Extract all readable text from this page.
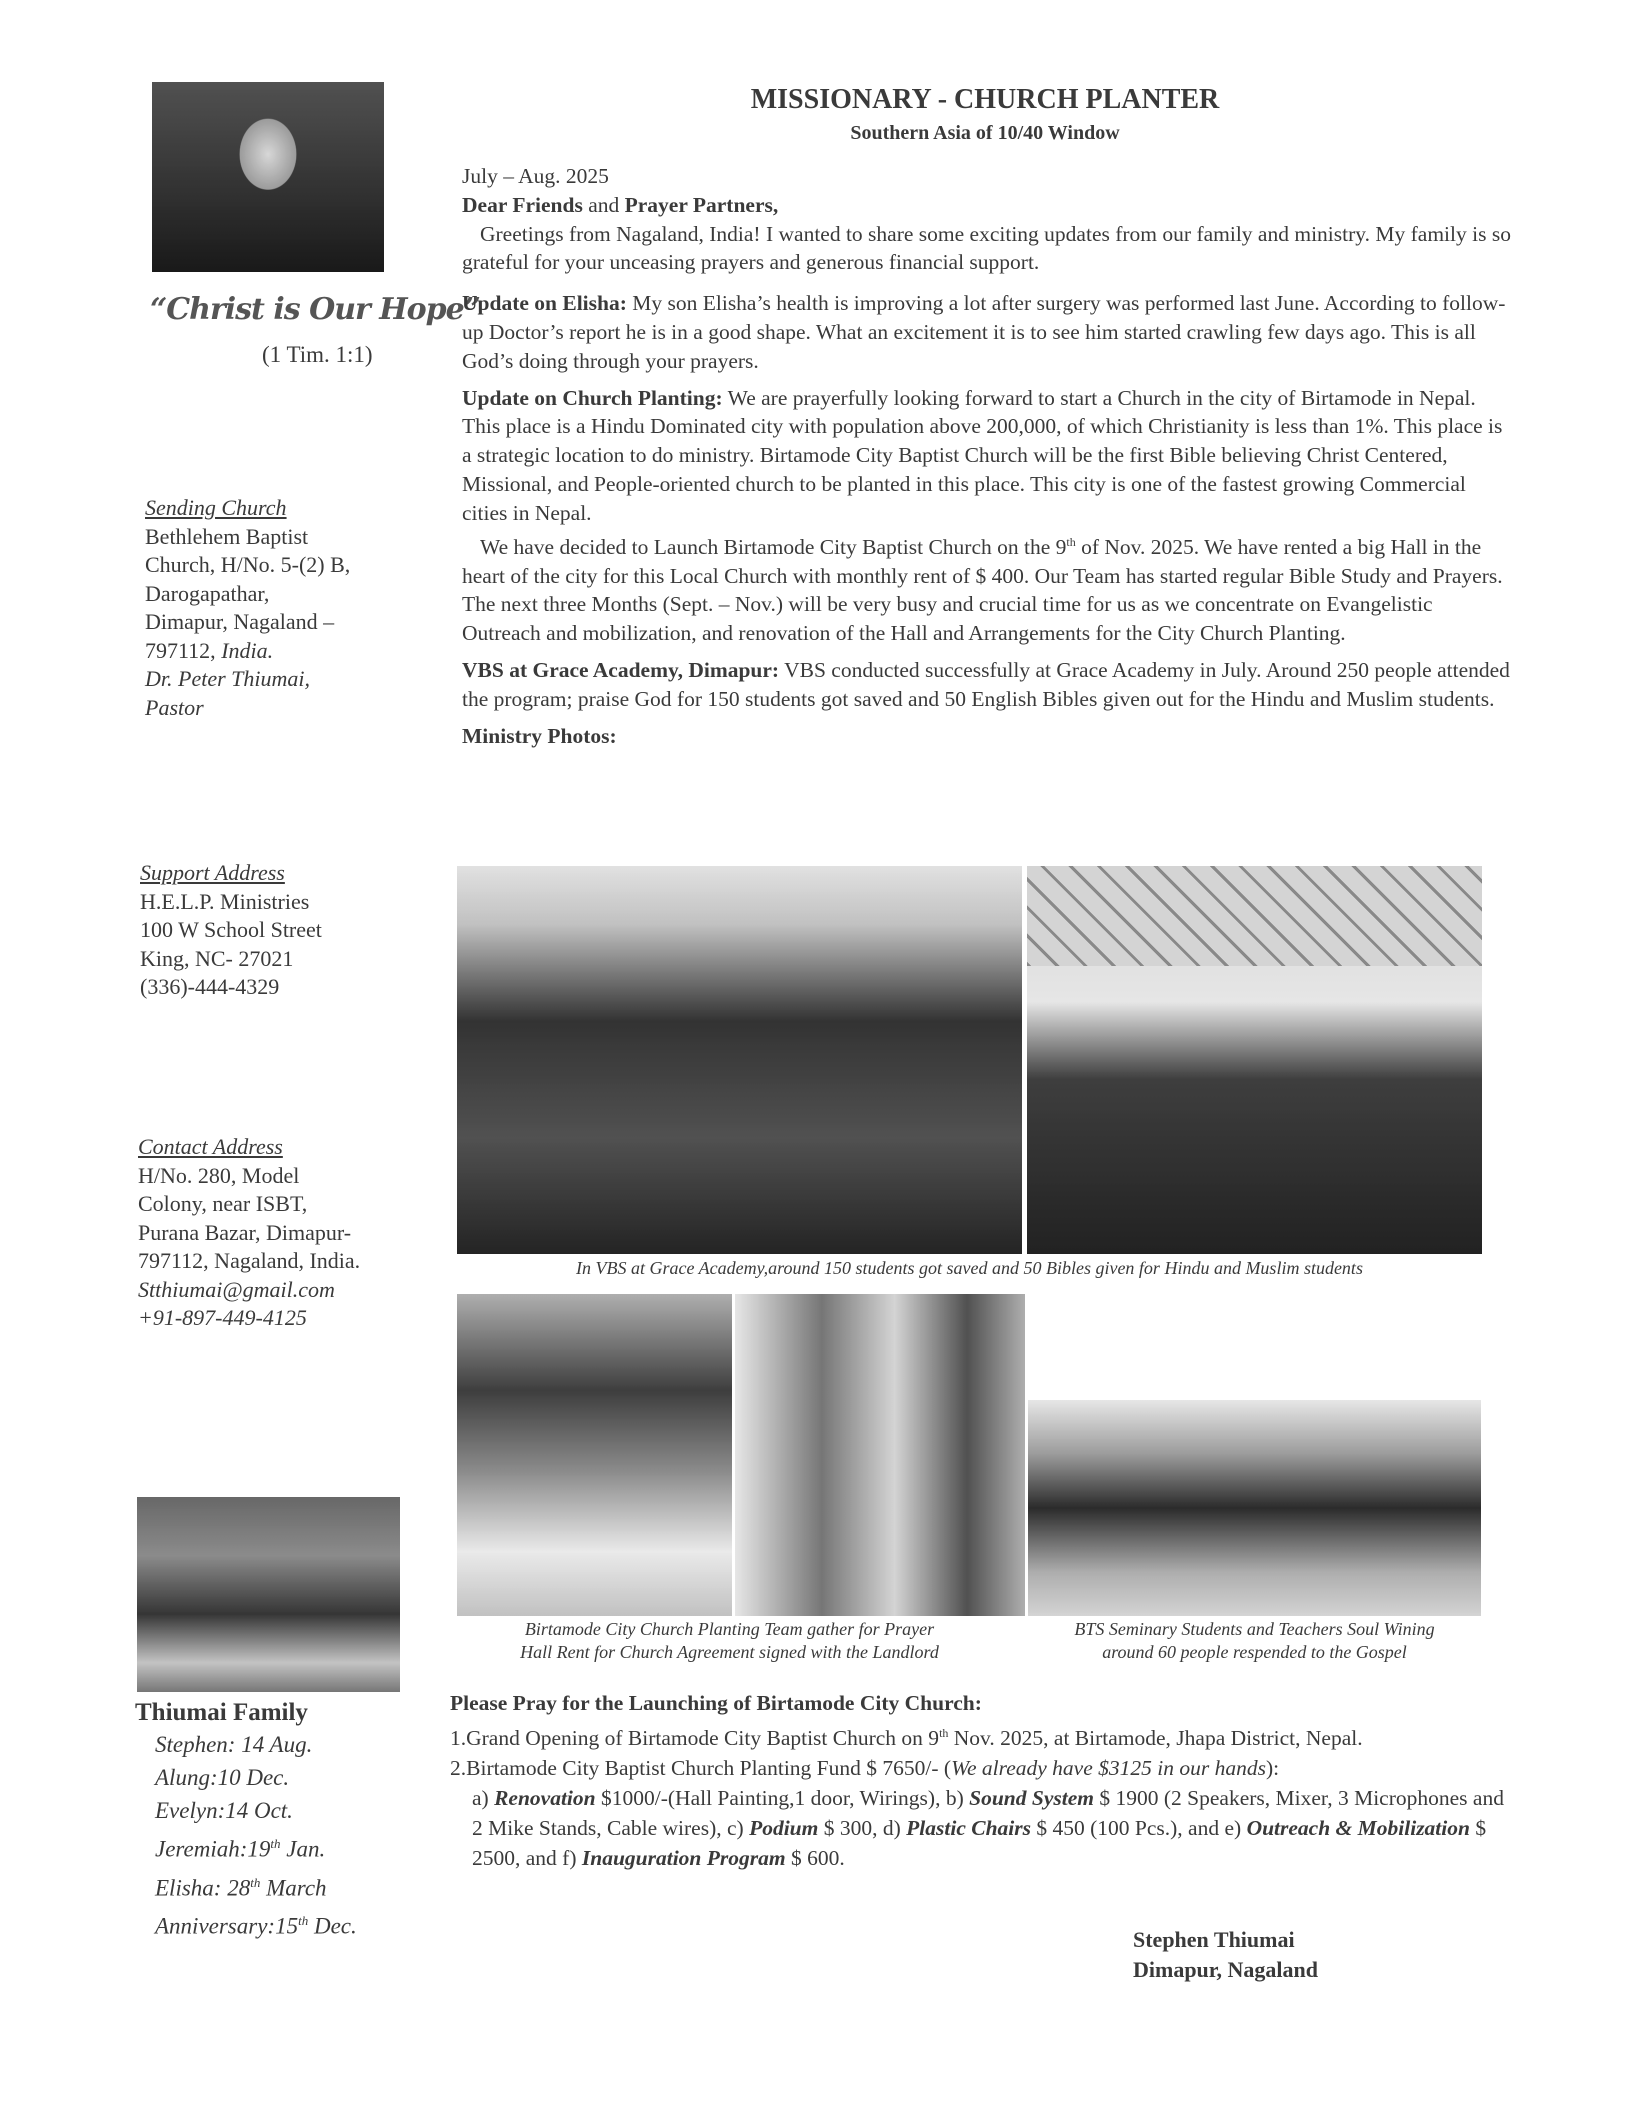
“Christ is Our Hope”
(1 Tim. 1:1)
Sending Church
Bethlehem Baptist
Church, H/No. 5-(2) B,
Darogapathar,
Dimapur, Nagaland –
797112, India.
Dr. Peter Thiumai,
Pastor
Support Address
H.E.L.P. Ministries
100 W School Street
King, NC- 27021
(336)-444-4329
Contact Address
H/No. 280, Model
Colony, near ISBT,
Purana Bazar, Dimapur-
797112, Nagaland, India.
Stthiumai@gmail.com
+91-897-449-4125
Thiumai Family
Stephen: 14 Aug.
Alung:10 Dec.
Evelyn:14 Oct.
Jeremiah:19th Jan.
Elisha: 28th March
Anniversary:15th Dec.
MISSIONARY - CHURCH PLANTER
Southern Asia of 10/40 Window
July – Aug. 2025
Dear Friends and Prayer Partners,

Greetings from Nagaland, India! I wanted to share some exciting updates from our family and ministry. My family is so grateful for your unceasing prayers and generous financial support.

Update on Elisha: My son Elisha’s health is improving a lot after surgery was performed last June. According to follow-up Doctor’s report he is in a good shape. What an excitement it is to see him started crawling few days ago. This is all God’s doing through your prayers.

Update on Church Planting: We are prayerfully looking forward to start a Church in the city of Birtamode in Nepal. This place is a Hindu Dominated city with population above 200,000, of which Christianity is less than 1%. This place is a strategic location to do ministry. Birtamode City Baptist Church will be the first Bible believing Christ Centered, Missional, and People-oriented church to be planted in this place. This city is one of the fastest growing Commercial cities in Nepal.

We have decided to Launch Birtamode City Baptist Church on the 9th of Nov. 2025. We have rented a big Hall in the heart of the city for this Local Church with monthly rent of $ 400. Our Team has started regular Bible Study and Prayers. The next three Months (Sept. – Nov.) will be very busy and crucial time for us as we concentrate on Evangelistic Outreach and mobilization, and renovation of the Hall and Arrangements for the City Church Planting.

VBS at Grace Academy, Dimapur: VBS conducted successfully at Grace Academy in July. Around 250 people attended the program; praise God for 150 students got saved and 50 English Bibles given out for the Hindu and Muslim students.

Ministry Photos:
In VBS at Grace Academy,around 150 students got saved and 50 Bibles given for Hindu and Muslim students
Birtamode City Church Planting Team gather for Prayer
Hall Rent for Church Agreement signed with the Landlord
BTS Seminary Students and Teachers Soul Wining
around 60 people respended to the Gospel
Please Pray for the Launching of Birtamode City Church:
1.Grand Opening of Birtamode City Baptist Church on 9th Nov. 2025, at Birtamode, Jhapa District, Nepal.
2.Birtamode City Baptist Church Planting Fund $ 7650/- (We already have $3125 in our hands):
a) Renovation $1000/-(Hall Painting,1 door, Wirings), b) Sound System $ 1900 (2 Speakers, Mixer, 3 Microphones and 2 Mike Stands, Cable wires), c) Podium $ 300, d) Plastic Chairs $ 450 (100 Pcs.), and e) Outreach & Mobilization $ 2500, and f) Inauguration Program $ 600.
Stephen Thiumai
Dimapur, Nagaland
